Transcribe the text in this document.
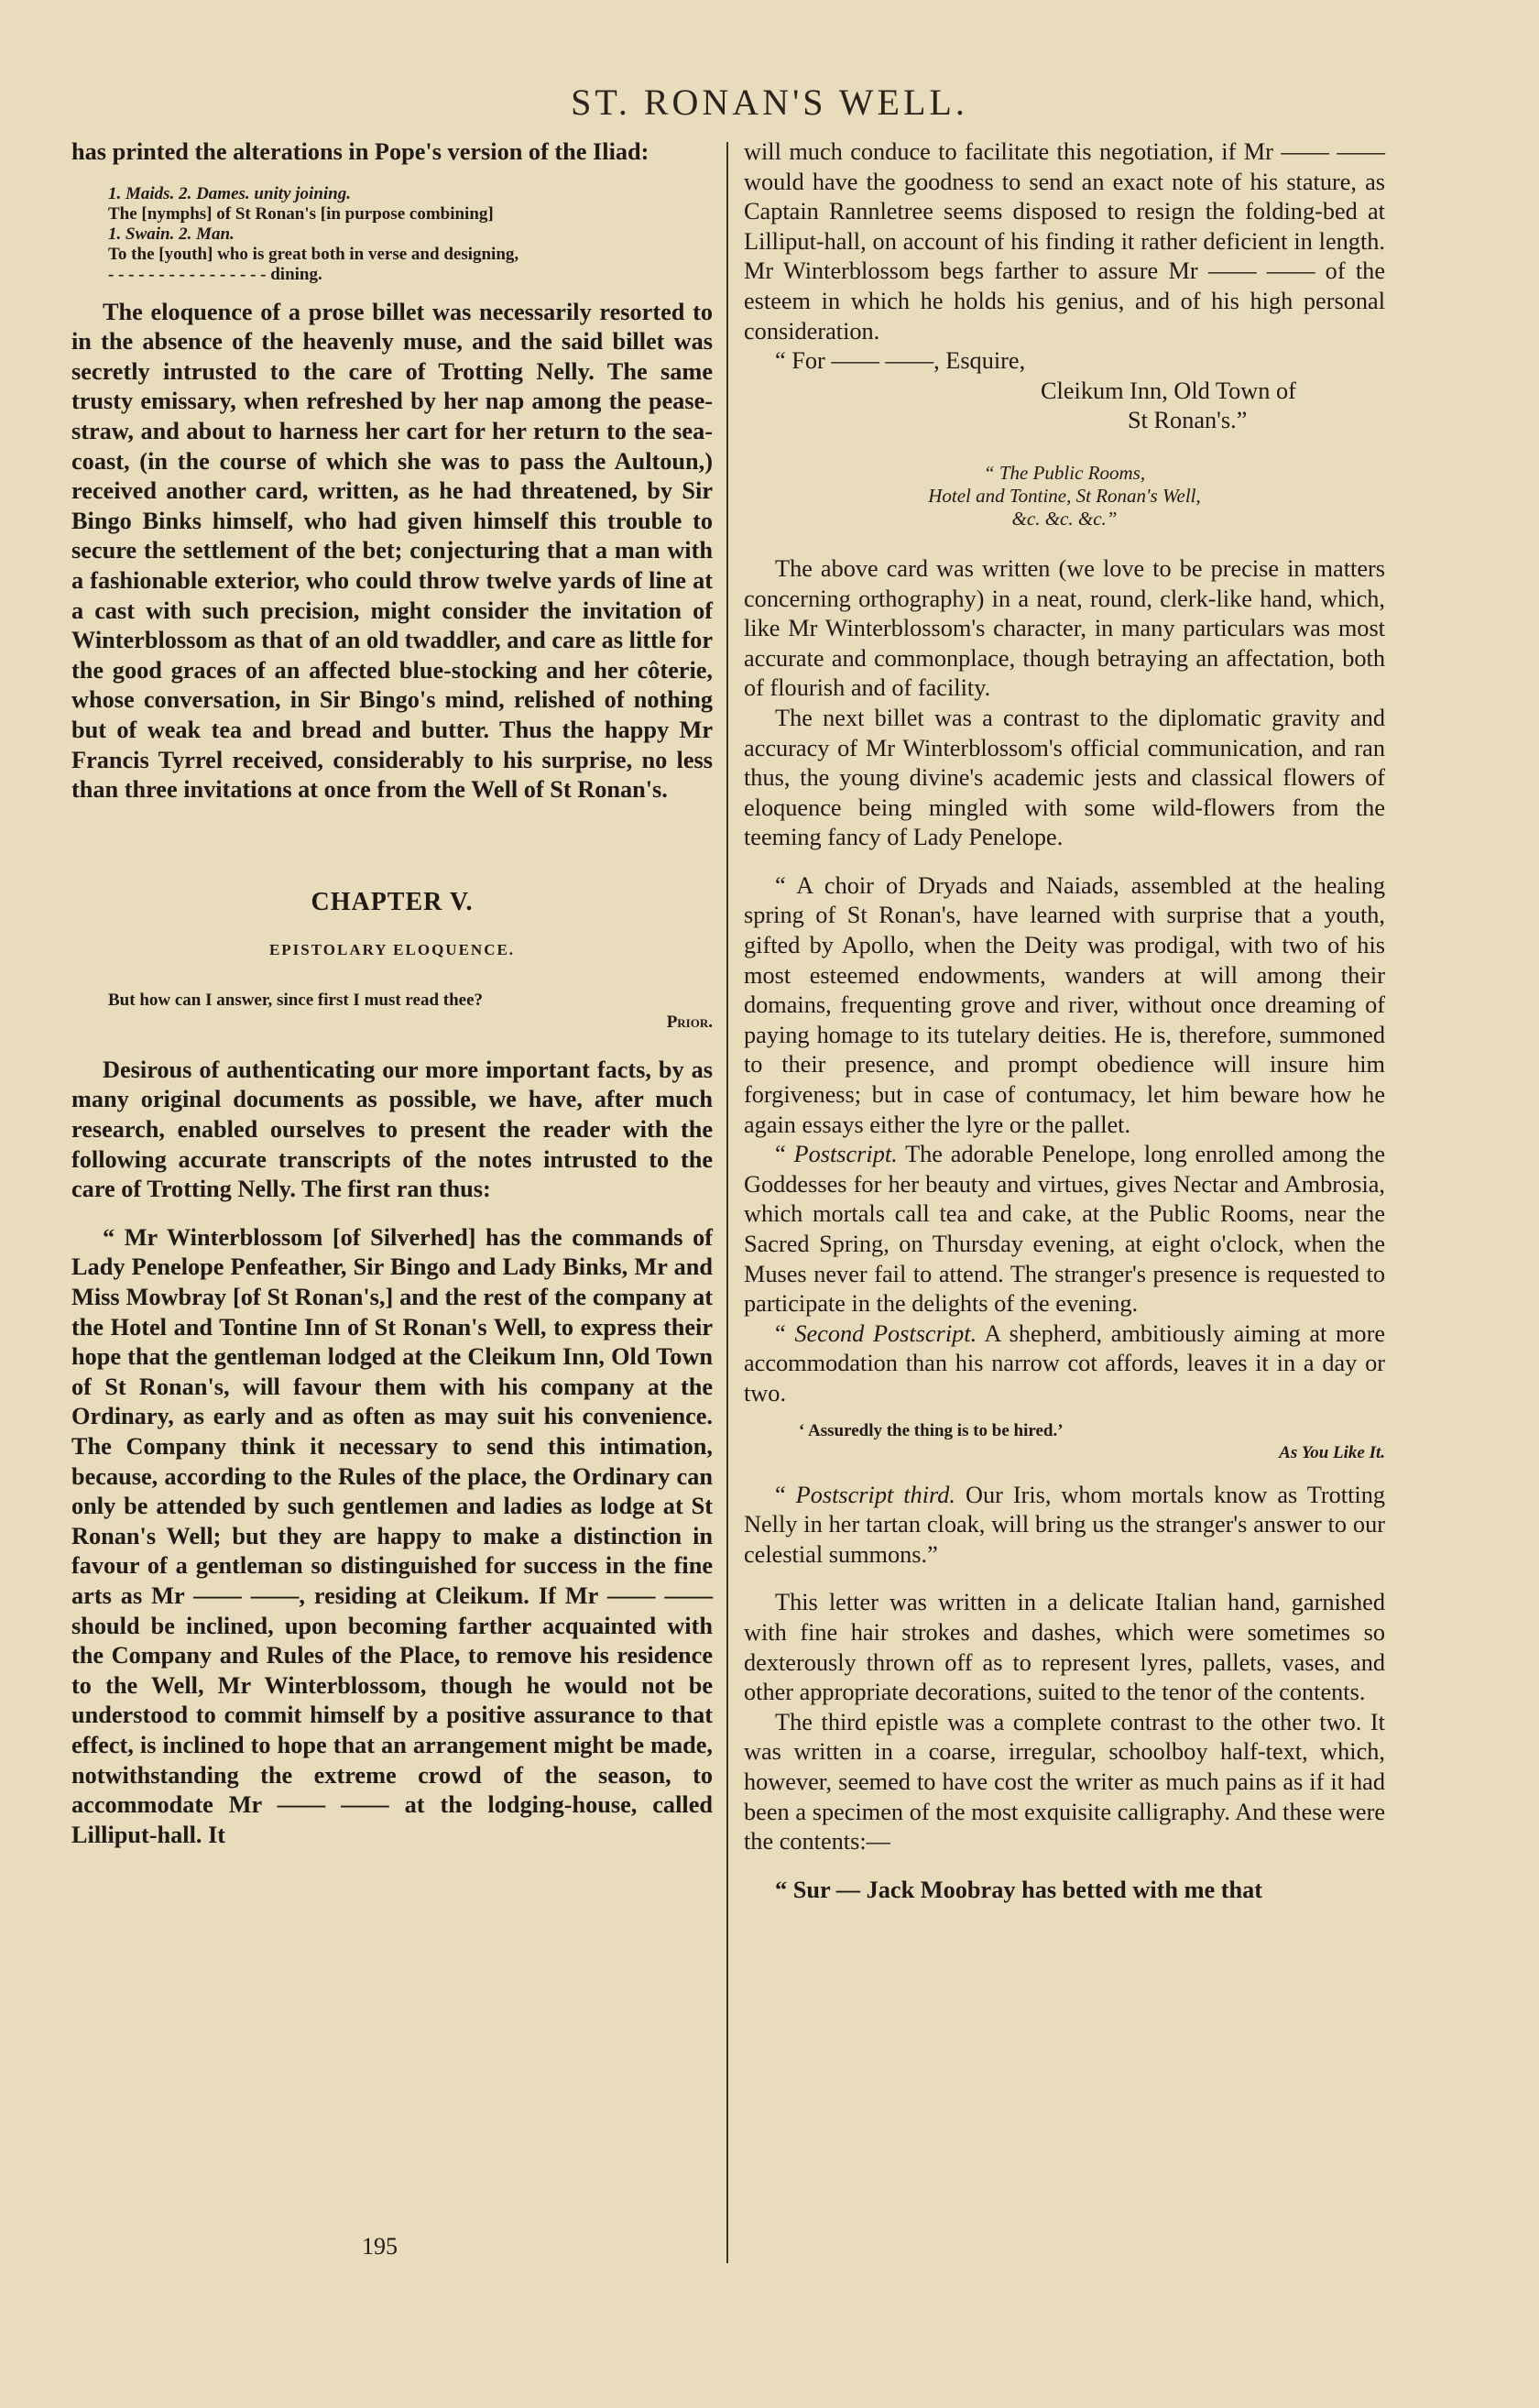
ST. RONAN'S WELL.

has printed the alterations in Pope's version of the Iliad:

1. Maids. 2. Dames. unity joining.
The [nymphs] of St Ronan's [in purpose combining]
1. Swain. 2. Man.
To the [youth] who is great both in verse and designing,
- - - - - - - - - - - - - - - - dining.

The eloquence of a prose billet was necessarily resorted to in the absence of the heavenly muse, and the said billet was secretly intrusted to the care of Trotting Nelly. The same trusty emissary, when refreshed by her nap among the pease-straw, and about to harness her cart for her return to the sea-coast, (in the course of which she was to pass the Aultoun,) received another card, written, as he had threatened, by Sir Bingo Binks himself, who had given himself this trouble to secure the settlement of the bet; conjecturing that a man with a fashionable exterior, who could throw twelve yards of line at a cast with such precision, might consider the invitation of Winterblossom as that of an old twaddler, and care as little for the good graces of an affected blue-stocking and her côterie, whose conversation, in Sir Bingo's mind, relished of nothing but of weak tea and bread and butter. Thus the happy Mr Francis Tyrrel received, considerably to his surprise, no less than three invitations at once from the Well of St Ronan's.

CHAPTER V.
EPISTOLARY ELOQUENCE.
But how can I answer, since first I must read thee?
Prior.

Desirous of authenticating our more important facts, by as many original documents as possible, we have, after much research, enabled ourselves to present the reader with the following accurate transcripts of the notes intrusted to the care of Trotting Nelly. The first ran thus:

“ Mr Winterblossom [of Silverhed] has the commands of Lady Penelope Penfeather, Sir Bingo and Lady Binks, Mr and Miss Mowbray [of St Ronan's,] and the rest of the company at the Hotel and Tontine Inn of St Ronan's Well, to express their hope that the gentleman lodged at the Cleikum Inn, Old Town of St Ronan's, will favour them with his company at the Ordinary, as early and as often as may suit his convenience. The Company think it necessary to send this intimation, because, according to the Rules of the place, the Ordinary can only be attended by such gentlemen and ladies as lodge at St Ronan's Well; but they are happy to make a distinction in favour of a gentleman so distinguished for success in the fine arts as Mr —— ——, residing at Cleikum. If Mr —— —— should be inclined, upon becoming farther acquainted with the Company and Rules of the Place, to remove his residence to the Well, Mr Winterblossom, though he would not be understood to commit himself by a positive assurance to that effect, is inclined to hope that an arrangement might be made, notwithstanding the extreme crowd of the season, to accommodate Mr —— —— at the lodging-house, called Lilliput-hall. It

will much conduce to facilitate this negotiation, if Mr —— —— would have the goodness to send an exact note of his stature, as Captain Rannletree seems disposed to resign the folding-bed at Lilliput-hall, on account of his finding it rather deficient in length. Mr Winterblossom begs farther to assure Mr —— —— of the esteem in which he holds his genius, and of his high personal consideration.

“ For —— ——, Esquire,

Cleikum Inn, Old Town of

St Ronan's.”

“ The Public Rooms,
Hotel and Tontine, St Ronan's Well,
&c. &c. &c.”

The above card was written (we love to be precise in matters concerning orthography) in a neat, round, clerk-like hand, which, like Mr Winterblossom's character, in many particulars was most accurate and commonplace, though betraying an affectation, both of flourish and of facility.

The next billet was a contrast to the diplomatic gravity and accuracy of Mr Winterblossom's official communication, and ran thus, the young divine's academic jests and classical flowers of eloquence being mingled with some wild-flowers from the teeming fancy of Lady Penelope.

“ A choir of Dryads and Naiads, assembled at the healing spring of St Ronan's, have learned with surprise that a youth, gifted by Apollo, when the Deity was prodigal, with two of his most esteemed endowments, wanders at will among their domains, frequenting grove and river, without once dreaming of paying homage to its tutelary deities. He is, therefore, summoned to their presence, and prompt obedience will insure him forgiveness; but in case of contumacy, let him beware how he again essays either the lyre or the pallet.

“ Postscript. The adorable Penelope, long enrolled among the Goddesses for her beauty and virtues, gives Nectar and Ambrosia, which mortals call tea and cake, at the Public Rooms, near the Sacred Spring, on Thursday evening, at eight o'clock, when the Muses never fail to attend. The stranger's presence is requested to participate in the delights of the evening.

“ Second Postscript. A shepherd, ambitiously aiming at more accommodation than his narrow cot affords, leaves it in a day or two.

‘ Assuredly the thing is to be hired.’
As You Like It.

“ Postscript third. Our Iris, whom mortals know as Trotting Nelly in her tartan cloak, will bring us the stranger's answer to our celestial summons.”

This letter was written in a delicate Italian hand, garnished with fine hair strokes and dashes, which were sometimes so dexterously thrown off as to represent lyres, pallets, vases, and other appropriate decorations, suited to the tenor of the contents.

The third epistle was a complete contrast to the other two. It was written in a coarse, irregular, schoolboy half-text, which, however, seemed to have cost the writer as much pains as if it had been a specimen of the most exquisite calligraphy. And these were the contents:—

“ Sur — Jack Moobray has betted with me that

195
